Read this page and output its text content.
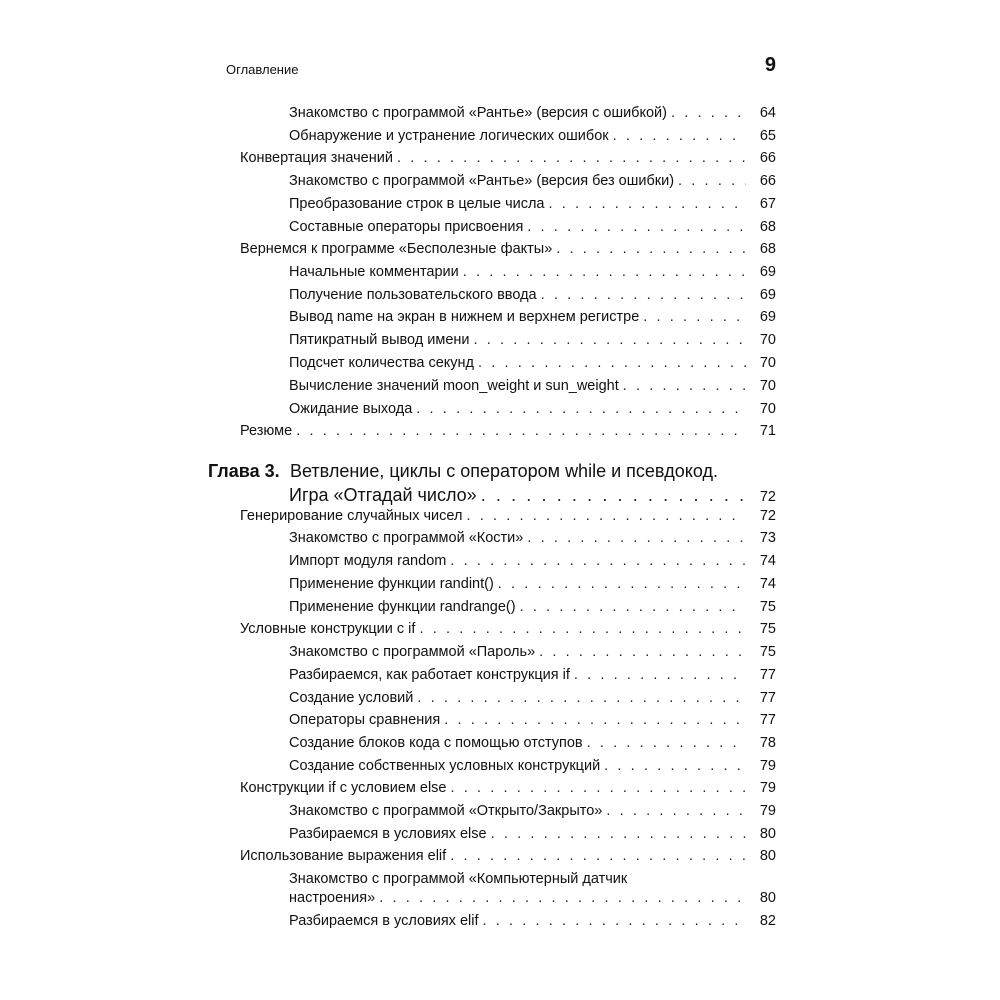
Оглавление	9
Знакомство с программой «Рантье» (версия с ошибкой) . . .	64
Обнаружение и устранение логических ошибок . . .	65
Конвертация значений . . .	66
Знакомство с программой «Рантье» (версия без ошибки) . . .	66
Преобразование строк в целые числа . . .	67
Составные операторы присвоения . . .	68
Вернемся к программе «Бесполезные факты» . . .	68
Начальные комментарии . . .	69
Получение пользовательского ввода . . .	69
Вывод name на экран в нижнем и верхнем регистре . . .	69
Пятикратный вывод имени . . .	70
Подсчет количества секунд . . .	70
Вычисление значений moon_weight и sun_weight . . .	70
Ожидание выхода . . .	70
Резюме . . .	71
Глава 3. Ветвление, циклы с оператором while и псевдокод.
Игра «Отгадай число» . . .	72
Генерирование случайных чисел . . .	72
Знакомство с программой «Кости» . . .	73
Импорт модуля random . . .	74
Применение функции randint() . . .	74
Применение функции randrange() . . .	75
Условные конструкции с if . . .	75
Знакомство с программой «Пароль» . . .	75
Разбираемся, как работает конструкция if . . .	77
Создание условий . . .	77
Операторы сравнения . . .	77
Создание блоков кода с помощью отступов . . .	78
Создание собственных условных конструкций . . .	79
Конструкции if с условием else . . .	79
Знакомство с программой «Открыто/Закрыто» . . .	79
Разбираемся в условиях else . . .	80
Использование выражения elif . . .	80
Знакомство с программой «Компьютерный датчик
настроения» . . .	80
Разбираемся в условиях elif . . .	82
